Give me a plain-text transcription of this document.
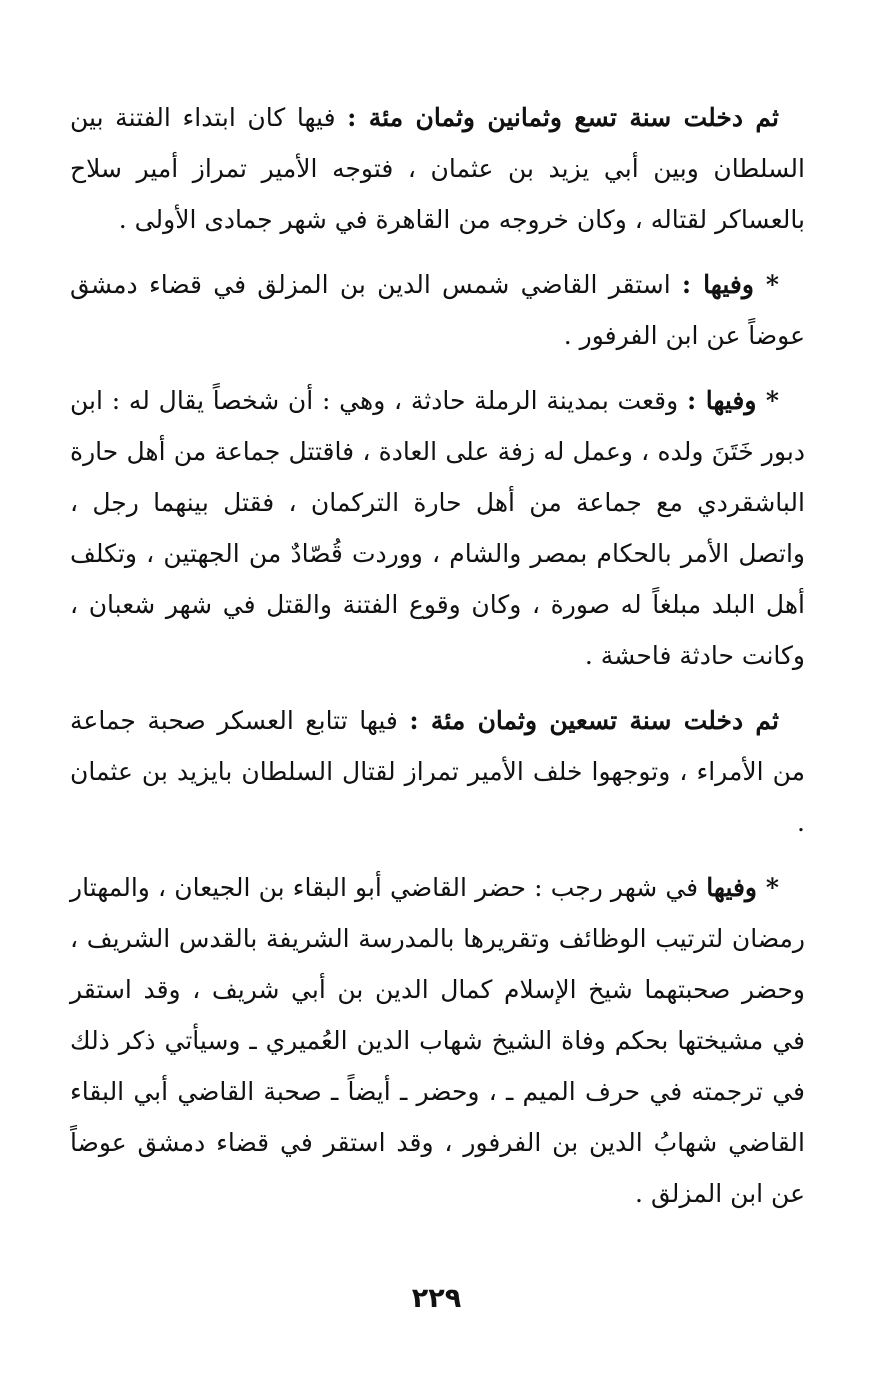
ثم دخلت سنة تسع وثمانين وثمان مئة : فيها كان ابتداء الفتنة بين السلطان وبين أبي يزيد بن عثمان ، فتوجه الأمير تمراز أمير سلاح بالعساكر لقتاله ، وكان خروجه من القاهرة في شهر جمادى الأولى .

* وفيها : استقر القاضي شمس الدين بن المزلق في قضاء دمشق عوضاً عن ابن الفرفور .

* وفيها : وقعت بمدينة الرملة حادثة ، وهي : أن شخصاً يقال له : ابن دبور خَتَنَ ولده ، وعمل له زفة على العادة ، فاقتتل جماعة من أهل حارة الباشقردي مع جماعة من أهل حارة التركمان ، فقتل بينهما رجل ، واتصل الأمر بالحكام بمصر والشام ، ووردت قُصّادٌ من الجهتين ، وتكلف أهل البلد مبلغاً له صورة ، وكان وقوع الفتنة والقتل في شهر شعبان ، وكانت حادثة فاحشة .

ثم دخلت سنة تسعين وثمان مئة : فيها تتابع العسكر صحبة جماعة من الأمراء ، وتوجهوا خلف الأمير تمراز لقتال السلطان بايزيد بن عثمان .

* وفيها في شهر رجب : حضر القاضي أبو البقاء بن الجيعان ، والمهتار رمضان لترتيب الوظائف وتقريرها بالمدرسة الشريفة بالقدس الشريف ، وحضر صحبتهما شيخ الإسلام كمال الدين بن أبي شريف ، وقد استقر في مشيختها بحكم وفاة الشيخ شهاب الدين العُميري ـ وسيأتي ذكر ذلك في ترجمته في حرف الميم ـ ، وحضر ـ أيضاً ـ صحبة القاضي أبي البقاء القاضي شهابُ الدين بن الفرفور ، وقد استقر في قضاء دمشق عوضاً عن ابن المزلق .

٢٢٩
